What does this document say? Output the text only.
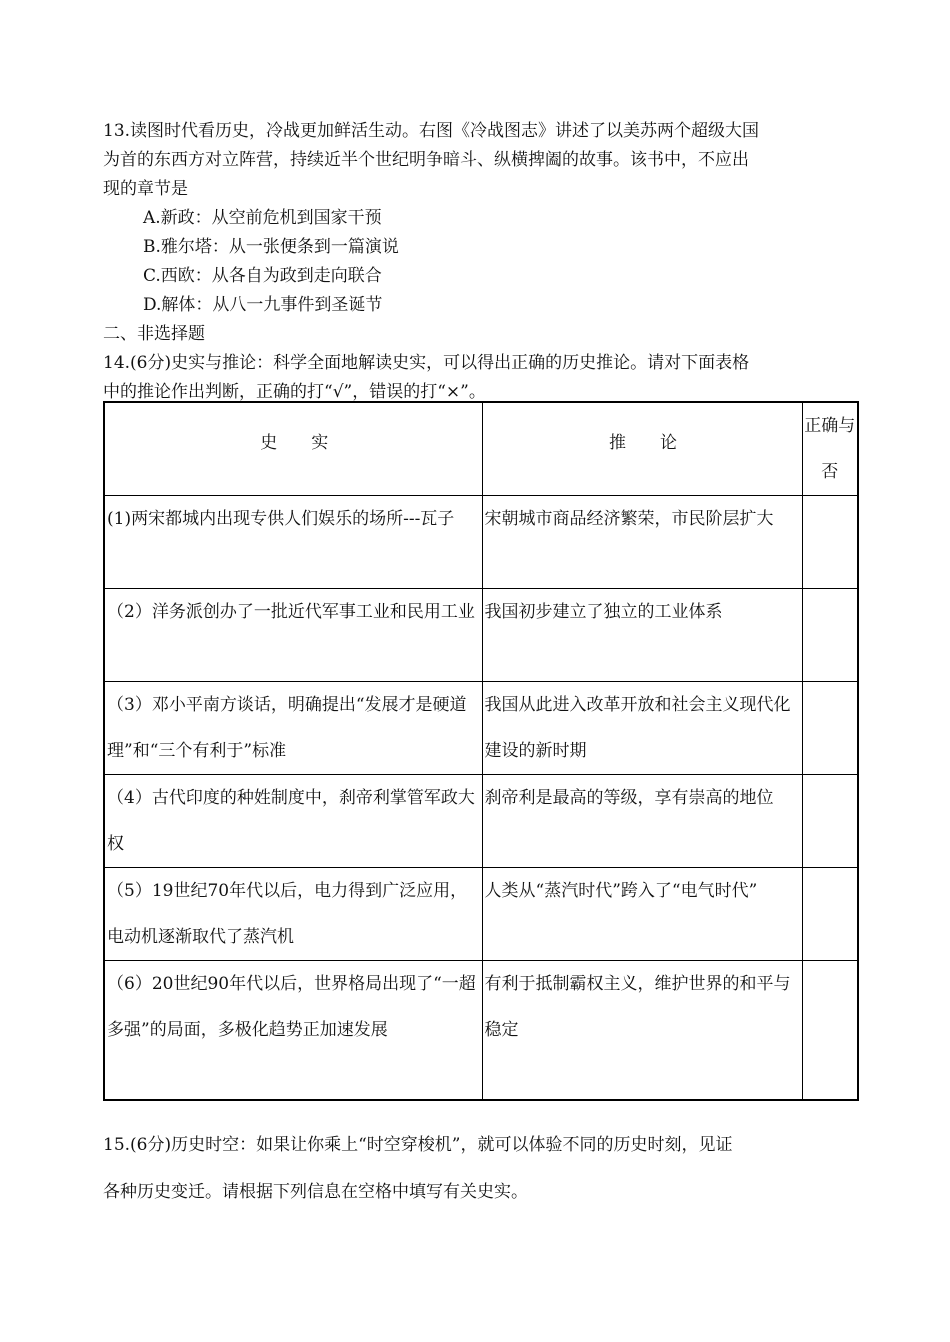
13.读图时代看历史，冷战更加鲜活生动。右图《冷战图志》讲述了以美苏两个超级大国
为首的东西方对立阵营，持续近半个世纪明争暗斗、纵横捭阖的故事。该书中，不应出
现的章节是
A.新政：从空前危机到国家干预
B.雅尔塔：从一张便条到一篇演说
C.西欧：从各自为政到走向联合
D.解体：从八一九事件到圣诞节
二、非选择题
14.(6分)史实与推论：科学全面地解读史实，可以得出正确的历史推论。请对下面表格
中的推论作出判断，正确的打“√”，错误的打“×”。
史　　实	推　　论	正确与否
(1)两宋都城内出现专供人们娱乐的场所---瓦子	宋朝城市商品经济繁荣，市民阶层扩大	
（2）洋务派创办了一批近代军事工业和民用工业	我国初步建立了独立的工业体系	
（3）邓小平南方谈话，明确提出“发展才是硬道理”和“三个有利于”标准	我国从此进入改革开放和社会主义现代化建设的新时期	
（4）古代印度的种姓制度中，刹帝利掌管军政大权	刹帝利是最高的等级，享有崇高的地位	
（5）19世纪70年代以后，电力得到广泛应用，电动机逐渐取代了蒸汽机	人类从“蒸汽时代”跨入了“电气时代”	
（6）20世纪90年代以后，世界格局出现了“一超多强”的局面，多极化趋势正加速发展	有利于抵制霸权主义，维护世界的和平与稳定	
15.(6分)历史时空：如果让你乘上“时空穿梭机”，就可以体验不同的历史时刻，见证
各种历史变迁。请根据下列信息在空格中填写有关史实。
